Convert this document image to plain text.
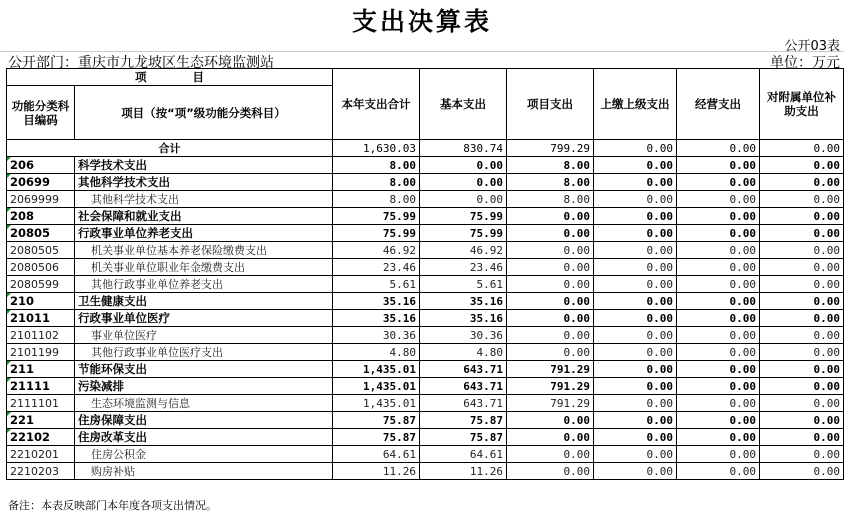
支出决算表
公开03表
公开部门：重庆市九龙坡区生态环境监测站	单位：万元
项　　　　目		本年支出合计	基本支出	项目支出	上缴上级支出	经营支出	对附属单位补助支出
功能分类科目编码	项目（按“项”级功能分类科目）						
合计		1,630.03	830.74	799.29	0.00	0.00	0.00
206	科学技术支出	8.00	0.00	8.00	0.00	0.00	0.00
20699	其他科学技术支出	8.00	0.00	8.00	0.00	0.00	0.00
2069999	其他科学技术支出	8.00	0.00	8.00	0.00	0.00	0.00
208	社会保障和就业支出	75.99	75.99	0.00	0.00	0.00	0.00
20805	行政事业单位养老支出	75.99	75.99	0.00	0.00	0.00	0.00
2080505	机关事业单位基本养老保险缴费支出	46.92	46.92	0.00	0.00	0.00	0.00
2080506	机关事业单位职业年金缴费支出	23.46	23.46	0.00	0.00	0.00	0.00
2080599	其他行政事业单位养老支出	5.61	5.61	0.00	0.00	0.00	0.00
210	卫生健康支出	35.16	35.16	0.00	0.00	0.00	0.00
21011	行政事业单位医疗	35.16	35.16	0.00	0.00	0.00	0.00
2101102	事业单位医疗	30.36	30.36	0.00	0.00	0.00	0.00
2101199	其他行政事业单位医疗支出	4.80	4.80	0.00	0.00	0.00	0.00
211	节能环保支出	1,435.01	643.71	791.29	0.00	0.00	0.00
21111	污染减排	1,435.01	643.71	791.29	0.00	0.00	0.00
2111101	生态环境监测与信息	1,435.01	643.71	791.29	0.00	0.00	0.00
221	住房保障支出	75.87	75.87	0.00	0.00	0.00	0.00
22102	住房改革支出	75.87	75.87	0.00	0.00	0.00	0.00
2210201	住房公积金	64.61	64.61	0.00	0.00	0.00	0.00
2210203	购房补贴	11.26	11.26	0.00	0.00	0.00	0.00
备注：本表反映部门本年度各项支出情况。
